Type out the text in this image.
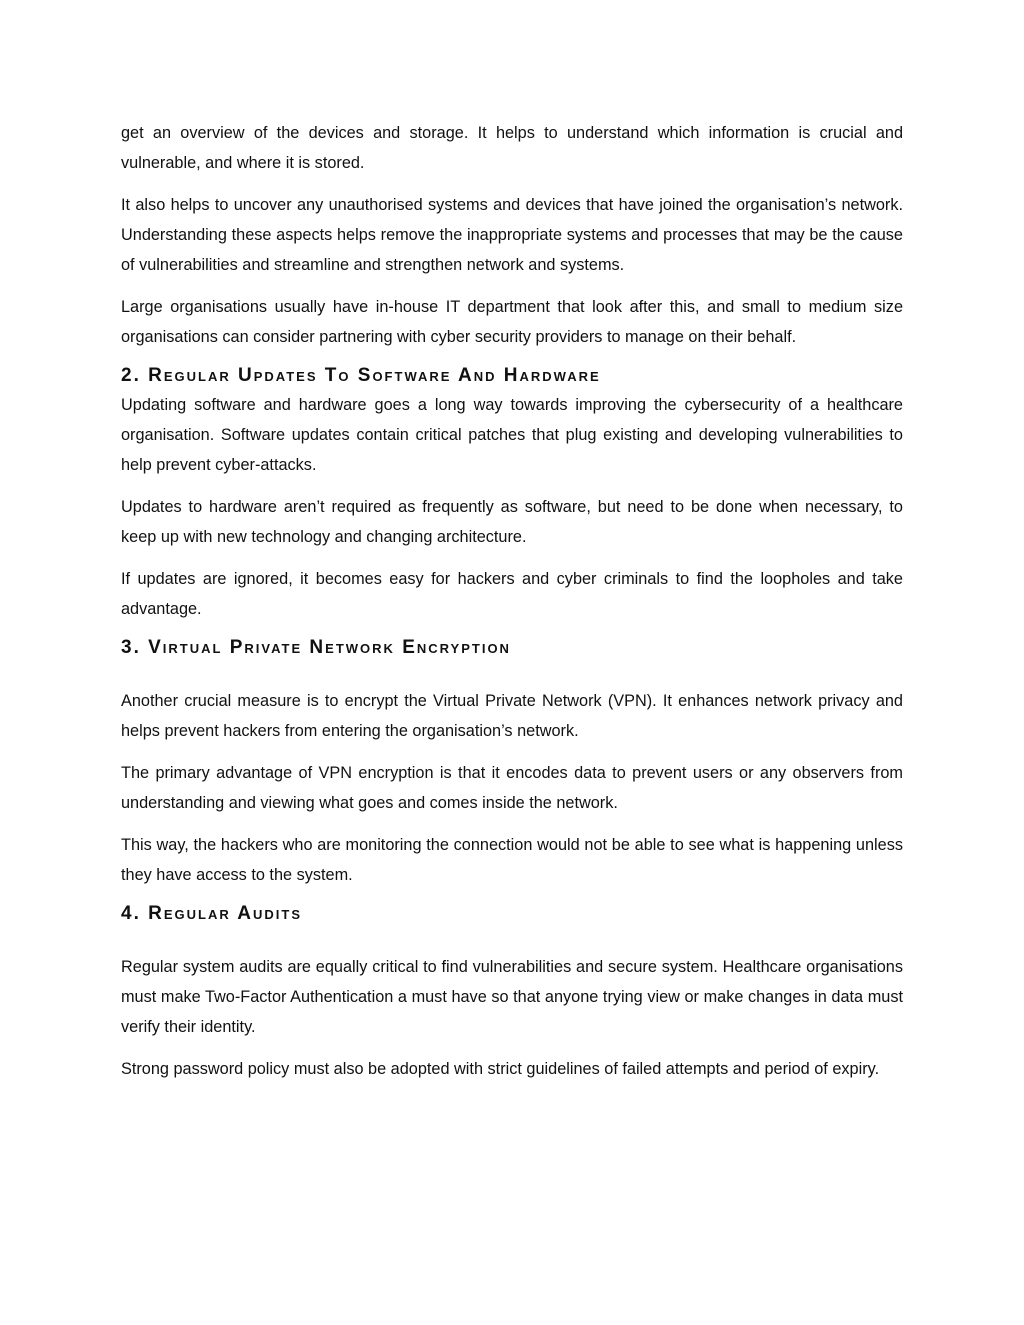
get an overview of the devices and storage. It helps to understand which information is crucial and vulnerable, and where it is stored.

It also helps to uncover any unauthorised systems and devices that have joined the organisation’s network. Understanding these aspects helps remove the inappropriate systems and processes that may be the cause of vulnerabilities and streamline and strengthen network and systems.

Large organisations usually have in-house IT department that look after this, and small to medium size organisations can consider partnering with cyber security providers to manage on their behalf.

2. Regular Updates To Software And Hardware

Updating software and hardware goes a long way towards improving the cybersecurity of a healthcare organisation. Software updates contain critical patches that plug existing and developing vulnerabilities to help prevent cyber-attacks.

Updates to hardware aren’t required as frequently as software, but need to be done when necessary, to keep up with new technology and changing architecture.

If updates are ignored, it becomes easy for hackers and cyber criminals to find the loopholes and take advantage.

3. Virtual Private Network Encryption

Another crucial measure is to encrypt the Virtual Private Network (VPN). It enhances network privacy and helps prevent hackers from entering the organisation’s network.

The primary advantage of VPN encryption is that it encodes data to prevent users or any observers from understanding and viewing what goes and comes inside the network.

This way, the hackers who are monitoring the connection would not be able to see what is happening unless they have access to the system.

4. Regular Audits

Regular system audits are equally critical to find vulnerabilities and secure system. Healthcare organisations must make Two-Factor Authentication a must have so that anyone trying view or make changes in data must verify their identity.

Strong password policy must also be adopted with strict guidelines of failed attempts and period of expiry.
